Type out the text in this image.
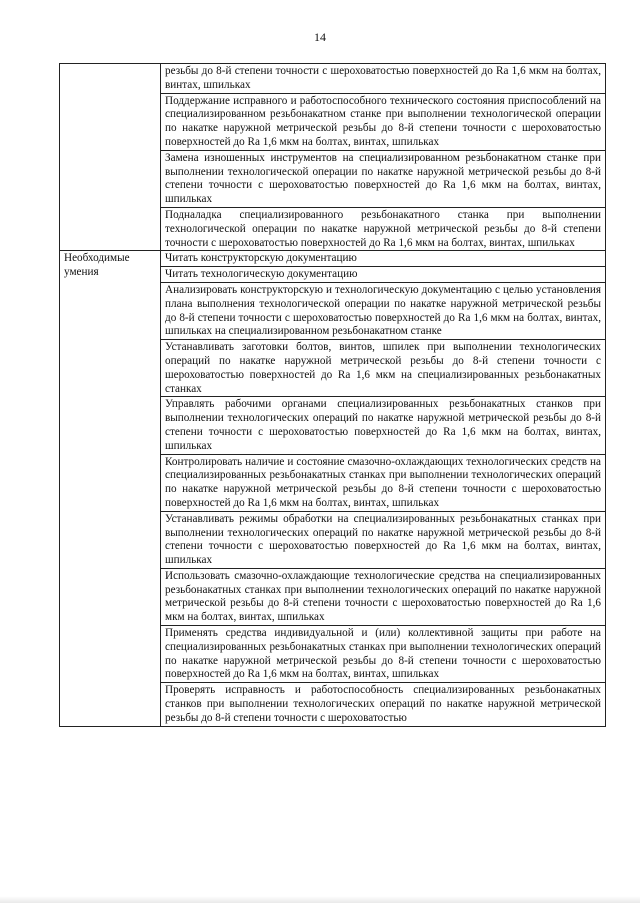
14
	резьбы до 8-й степени точности с шероховатостью поверхностей до Ra 1,6 мкм на болтах, винтах, шпильках
	Поддержание исправного и работоспособного технического состояния приспособлений на специализированном резьбонакатном станке при выполнении технологической операции по накатке наружной метрической резьбы до 8-й степени точности с шероховатостью поверхностей до Ra 1,6 мкм на болтах, винтах, шпильках
	Замена изношенных инструментов на специализированном резьбонакатном станке при выполнении технологической операции по накатке наружной метрической резьбы до 8-й степени точности с шероховатостью поверхностей до Ra 1,6 мкм на болтах, винтах, шпильках
	Подналадка специализированного резьбонакатного станка при выполнении технологической операции по накатке наружной метрической резьбы до 8-й степени точности с шероховатостью поверхностей до Ra 1,6 мкм на болтах, винтах, шпильках
Необходимые умения	Читать конструкторскую документацию
	Читать технологическую документацию
	Анализировать конструкторскую и технологическую документацию с целью установления плана выполнения технологической операции по накатке наружной метрической резьбы до 8-й степени точности с шероховатостью поверхностей до Ra 1,6 мкм на болтах, винтах, шпильках на специализированном резьбонакатном станке
	Устанавливать заготовки болтов, винтов, шпилек при выполнении технологических операций по накатке наружной метрической резьбы до 8-й степени точности с шероховатостью поверхностей до Ra 1,6 мкм на специализированных резьбонакатных станках
	Управлять рабочими органами специализированных резьбонакатных станков при выполнении технологических операций по накатке наружной метрической резьбы до 8-й степени точности с шероховатостью поверхностей до Ra 1,6 мкм на болтах, винтах, шпильках
	Контролировать наличие и состояние смазочно-охлаждающих технологических средств на специализированных резьбонакатных станках при выполнении технологических операций по накатке наружной метрической резьбы до 8-й степени точности с шероховатостью поверхностей до Ra 1,6 мкм на болтах, винтах, шпильках
	Устанавливать режимы обработки на специализированных резьбонакатных станках при выполнении технологических операций по накатке наружной метрической резьбы до 8-й степени точности с шероховатостью поверхностей до Ra 1,6 мкм на болтах, винтах, шпильках
	Использовать смазочно-охлаждающие технологические средства на специализированных резьбонакатных станках при выполнении технологических операций по накатке наружной метрической резьбы до 8-й степени точности с шероховатостью поверхностей до Ra 1,6 мкм на болтах, винтах, шпильках
	Применять средства индивидуальной и (или) коллективной защиты при работе на специализированных резьбонакатных станках при выполнении технологических операций по накатке наружной метрической резьбы до 8-й степени точности с шероховатостью поверхностей до Ra 1,6 мкм на болтах, винтах, шпильках
	Проверять исправность и работоспособность специализированных резьбонакатных станков при выполнении технологических операций по накатке наружной метрической резьбы до 8-й степени точности с шероховатостью
